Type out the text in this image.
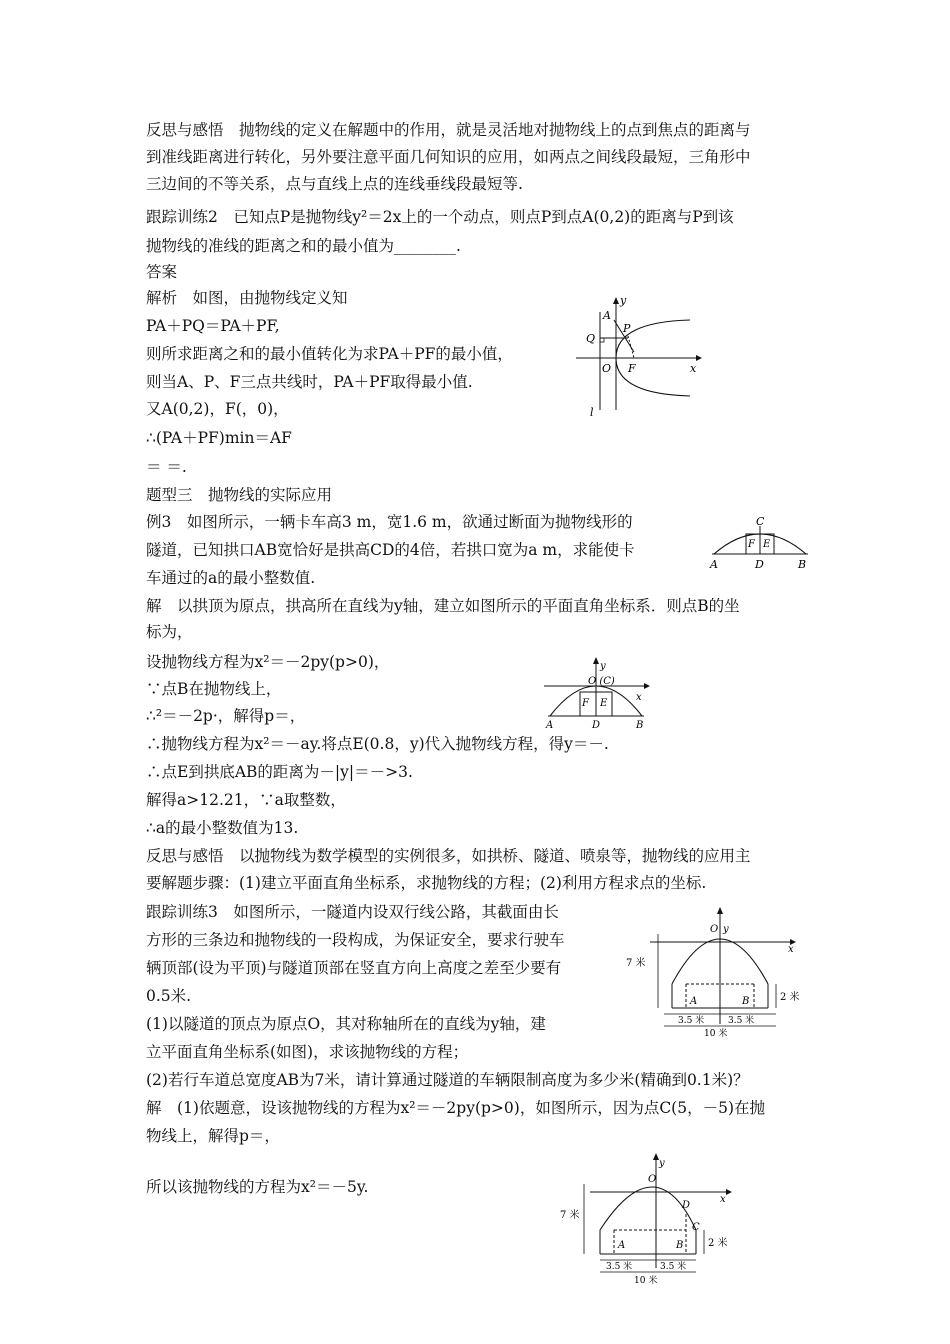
反思与感悟　抛物线的定义在解题中的作用，就是灵活地对抛物线上的点到焦点的距离与
到准线距离进行转化，另外要注意平面几何知识的应用，如两点之间线段最短，三角形中
三边间的不等关系，点与直线上点的连线垂线段最短等.
跟踪训练2　已知点P是抛物线y²＝2x上的一个动点，则点P到点A(0,2)的距离与P到该
抛物线的准线的距离之和的最小值为________.
答案
解析　如图，由抛物线定义知
PA＋PQ＝PA＋PF,
则所求距离之和的最小值转化为求PA＋PF的最小值，
则当A、P、F三点共线时，PA＋PF取得最小值.
又A(0,2)，F(，0)，
∴(PA＋PF)min＝AF
＝ ＝.
题型三　抛物线的实际应用
例3　如图所示，一辆卡车高3 m，宽1.6 m，欲通过断面为抛物线形的
隧道，已知拱口AB宽恰好是拱高CD的4倍，若拱口宽为a m，求能使卡
车通过的a的最小整数值.
解　以拱顶为原点，拱高所在直线为y轴，建立如图所示的平面直角坐标系．则点B的坐
标为，
设抛物线方程为x²＝－2py(p>0)，
∵点B在抛物线上，
∴²＝－2p·，解得p＝，
∴抛物线方程为x²＝－ay.将点E(0.8，y)代入抛物线方程，得y＝－.
∴点E到拱底AB的距离为－|y|＝－>3.
解得a>12.21，∵a取整数，
∴a的最小整数值为13.
反思与感悟　以抛物线为数学模型的实例很多，如拱桥、隧道、喷泉等，抛物线的应用主
要解题步骤：(1)建立平面直角坐标系，求抛物线的方程；(2)利用方程求点的坐标.
跟踪训练3　如图所示，一隧道内设双行线公路，其截面由长
方形的三条边和抛物线的一段构成，为保证安全，要求行驶车
辆顶部(设为平顶)与隧道顶部在竖直方向上高度之差至少要有
0.5米.
(1)以隧道的顶点为原点O，其对称轴所在的直线为y轴，建
立平面直角坐标系(如图)，求该抛物线的方程；
(2)若行车道总宽度AB为7米，请计算通过隧道的车辆限制高度为多少米(精确到0.1米)？
解　(1)依题意，设该抛物线的方程为x²＝－2py(p>0)，如图所示，因为点C(5，－5)在抛
物线上，解得p＝，
所以该抛物线的方程为x²＝－5y.
y
A
P
Q
O F	x
l
C
F E
A	D	B
y
O (C)
x
F E
A	D	B
y
O
x
7 米
2 米
A	B
3.5 米	3.5 米
10 米
y
O
x
D
C
7 米
2 米
A	B
3.5 米	3.5 米
10 米
